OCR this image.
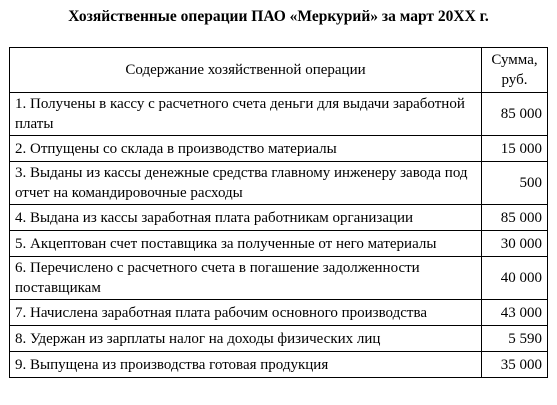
Хозяйственные операции ПАО «Меркурий» за март 20XX г.
Содержание хозяйственной операции	Сумма, руб.
1. Получены в кассу с расчетного счета деньги для выдачи заработной платы	85 000
2. Отпущены со склада в производство материалы	15 000
3. Выданы из кассы денежные средства главному инженеру завода под отчет на командировочные расходы	500
4. Выдана из кассы заработная плата работникам организации	85 000
5. Акцептован счет поставщика за полученные от него материалы	30 000
6. Перечислено с расчетного счета в погашение задолженности поставщикам	40 000
7. Начислена заработная плата рабочим основного производства	43 000
8. Удержан из зарплаты налог на доходы физических лиц	5 590
9. Выпущена из производства готовая продукция	35 000
